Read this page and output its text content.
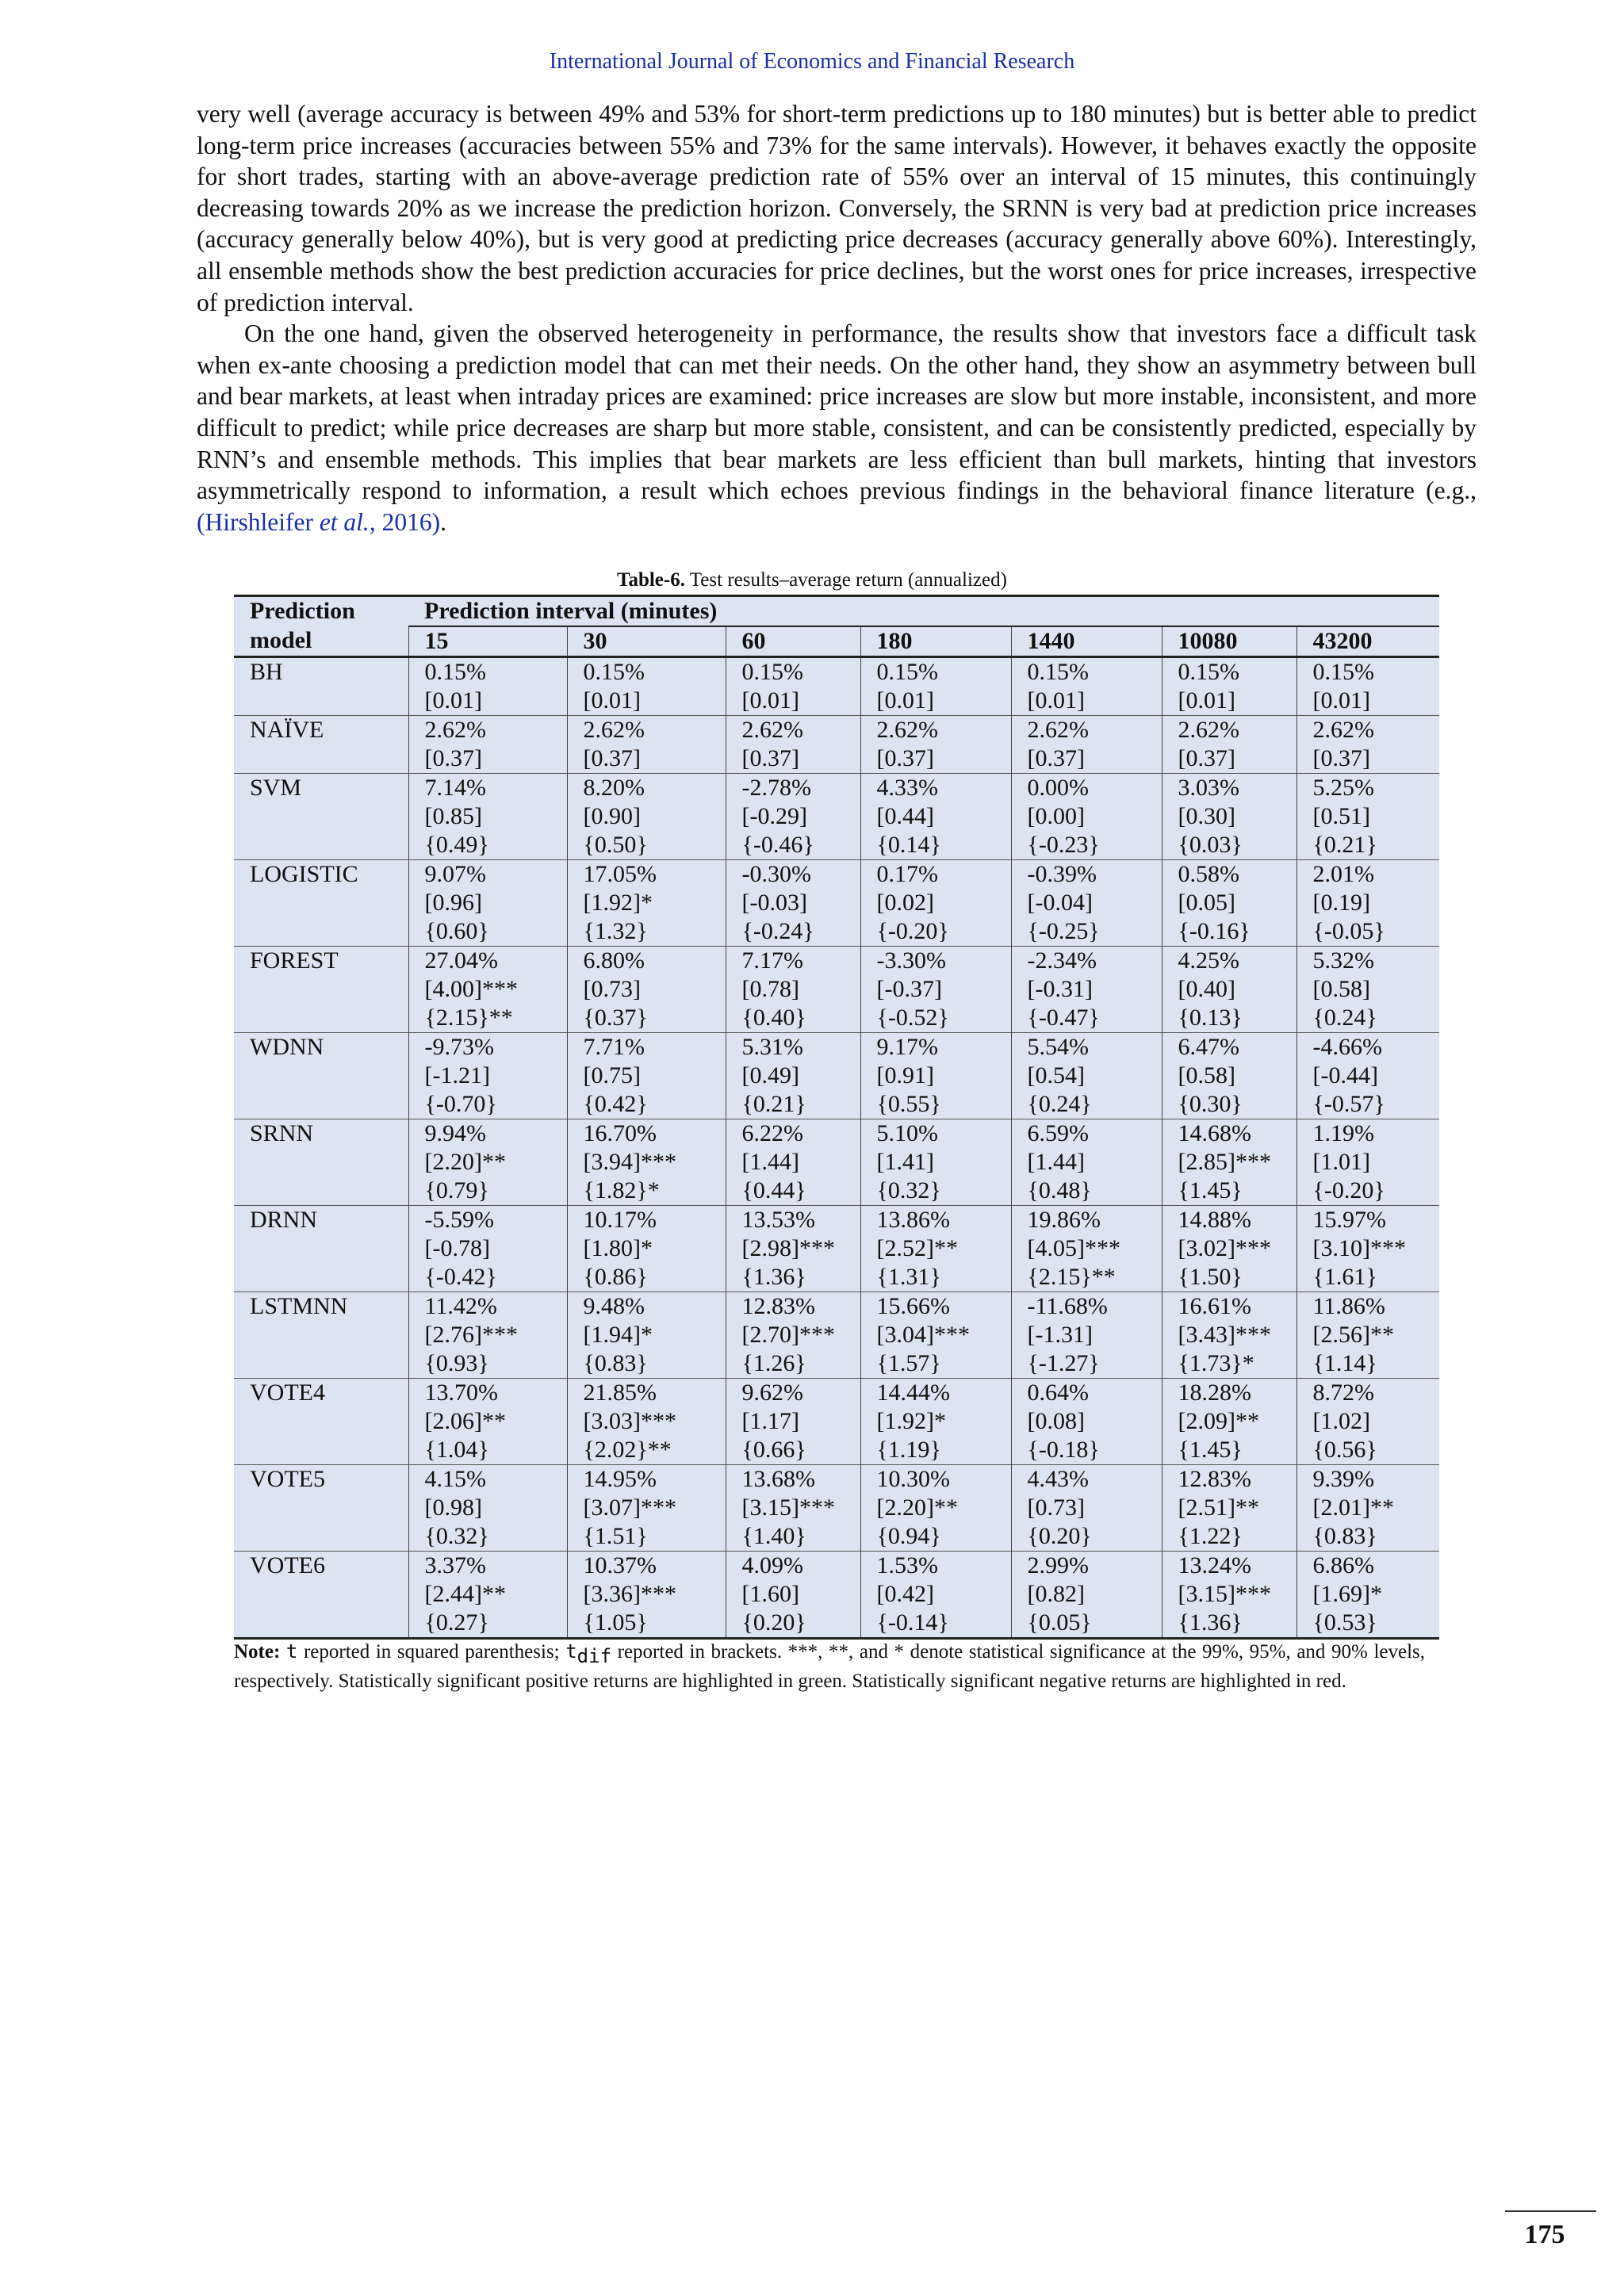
International Journal of Economics and Financial Research

very well (average accuracy is between 49% and 53% for short-term predictions up to 180 minutes) but is better able to predict long-term price increases (accuracies between 55% and 73% for the same intervals). However, it behaves exactly the opposite for short trades, starting with an above-average prediction rate of 55% over an interval of 15 minutes, this continuingly decreasing towards 20% as we increase the prediction horizon. Conversely, the SRNN is very bad at prediction price increases (accuracy generally below 40%), but is very good at predicting price decreases (accuracy generally above 60%). Interestingly, all ensemble methods show the best prediction accuracies for price declines, but the worst ones for price increases, irrespective of prediction interval.

On the one hand, given the observed heterogeneity in performance, the results show that investors face a difficult task when ex-ante choosing a prediction model that can met their needs. On the other hand, they show an asymmetry between bull and bear markets, at least when intraday prices are examined: price increases are slow but more instable, inconsistent, and more difficult to predict; while price decreases are sharp but more stable, consistent, and can be consistently predicted, especially by RNN’s and ensemble methods. This implies that bear markets are less efficient than bull markets, hinting that investors asymmetrically respond to information, a result which echoes previous findings in the behavioral finance literature (e.g., (Hirshleifer et al., 2016).

Table-6. Test results–average return (annualized)
Prediction	Prediction interval (minutes)						
model	15	30	60	180	1440	10080	43200
BH	0.15%
[0.01]	0.15%
[0.01]	0.15%
[0.01]	0.15%
[0.01]	0.15%
[0.01]	0.15%
[0.01]	0.15%
[0.01]

NAÏVE	2.62%
[0.37]	2.62%
[0.37]	2.62%
[0.37]	2.62%
[0.37]	2.62%
[0.37]	2.62%
[0.37]	2.62%
[0.37]

SVM	7.14%
[0.85]
{0.49}	8.20%
[0.90]
{0.50}	-2.78%
[-0.29]
{-0.46}	4.33%
[0.44]
{0.14}	0.00%
[0.00]
{-0.23}	3.03%
[0.30]
{0.03}	5.25%
[0.51]
{0.21}

LOGISTIC	9.07%
[0.96]
{0.60}	17.05%
[1.92]*
{1.32}	-0.30%
[-0.03]
{-0.24}	0.17%
[0.02]
{-0.20}	-0.39%
[-0.04]
{-0.25}	0.58%
[0.05]
{-0.16}	2.01%
[0.19]
{-0.05}

FOREST	27.04%
[4.00]***
{2.15}**	6.80%
[0.73]
{0.37}	7.17%
[0.78]
{0.40}	-3.30%
[-0.37]
{-0.52}	-2.34%
[-0.31]
{-0.47}	4.25%
[0.40]
{0.13}	5.32%
[0.58]
{0.24}

WDNN	-9.73%
[-1.21]
{-0.70}	7.71%
[0.75]
{0.42}	5.31%
[0.49]
{0.21}	9.17%
[0.91]
{0.55}	5.54%
[0.54]
{0.24}	6.47%
[0.58]
{0.30}	-4.66%
[-0.44]
{-0.57}

SRNN	9.94%
[2.20]**
{0.79}	16.70%
[3.94]***
{1.82}*	6.22%
[1.44]
{0.44}	5.10%
[1.41]
{0.32}	6.59%
[1.44]
{0.48}	14.68%
[2.85]***
{1.45}	1.19%
[1.01]
{-0.20}

DRNN	-5.59%
[-0.78]
{-0.42}	10.17%
[1.80]*
{0.86}	13.53%
[2.98]***
{1.36}	13.86%
[2.52]**
{1.31}	19.86%
[4.05]***
{2.15}**	14.88%
[3.02]***
{1.50}	15.97%
[3.10]***
{1.61}

LSTMNN	11.42%
[2.76]***
{0.93}	9.48%
[1.94]*
{0.83}	12.83%
[2.70]***
{1.26}	15.66%
[3.04]***
{1.57}	-11.68%
[-1.31]
{-1.27}	16.61%
[3.43]***
{1.73}*	11.86%
[2.56]**
{1.14}

VOTE4	13.70%
[2.06]**
{1.04}	21.85%
[3.03]***
{2.02}**	9.62%
[1.17]
{0.66}	14.44%
[1.92]*
{1.19}	0.64%
[0.08]
{-0.18}	18.28%
[2.09]**
{1.45}	8.72%
[1.02]
{0.56}

VOTE5	4.15%
[0.98]
{0.32}	14.95%
[3.07]***
{1.51}	13.68%
[3.15]***
{1.40}	10.30%
[2.20]**
{0.94}	4.43%
[0.73]
{0.20}	12.83%
[2.51]**
{1.22}	9.39%
[2.01]**
{0.83}

VOTE6	3.37%
[2.44]**
{0.27}	10.37%
[3.36]***
{1.05}	4.09%
[1.60]
{0.20}	1.53%
[0.42]
{-0.14}	2.99%
[0.82]
{0.05}	13.24%
[3.15]***
{1.36}	6.86%
[1.69]*
{0.53}
Note: t reported in squared parenthesis; $t_{dif}$ reported in brackets. ***, **, and * denote statistical significance at the 99%, 95%, and 90% levels, respectively. Statistically significant positive returns are highlighted in green. Statistically significant negative returns are highlighted in red.
175
